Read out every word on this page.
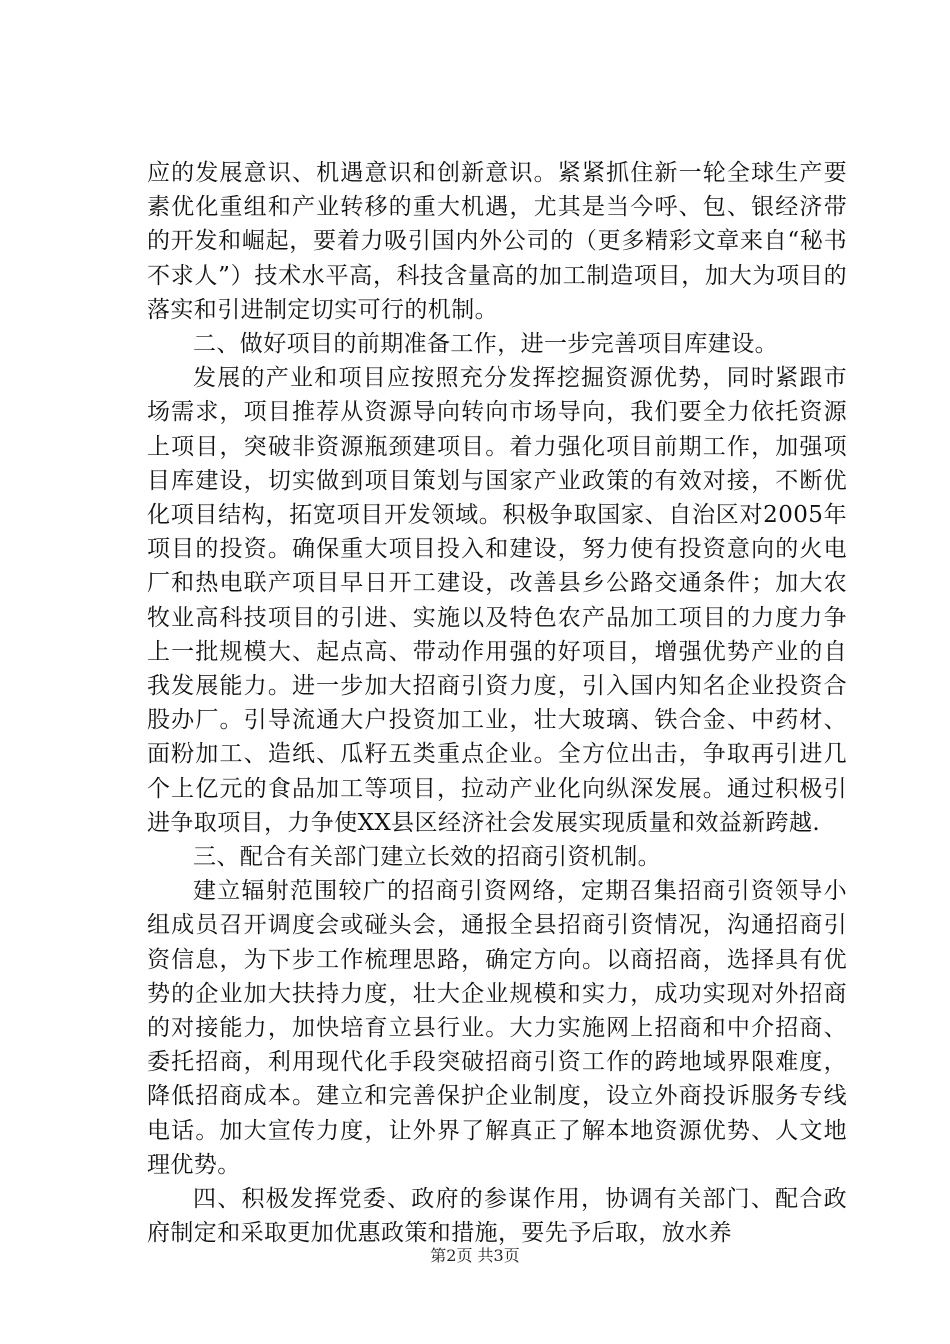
应的发展意识、机遇意识和创新意识。紧紧抓住新一轮全球生产要素优化重组和产业转移的重大机遇，尤其是当今呼、包、银经济带的开发和崛起，要着力吸引国内外公司的（更多精彩文章来自“秘书不求人”）技术水平高，科技含量高的加工制造项目，加大为项目的落实和引进制定切实可行的机制。

二、做好项目的前期准备工作，进一步完善项目库建设。

发展的产业和项目应按照充分发挥挖掘资源优势，同时紧跟市场需求，项目推荐从资源导向转向市场导向，我们要全力依托资源上项目，突破非资源瓶颈建项目。着力强化项目前期工作，加强项目库建设，切实做到项目策划与国家产业政策的有效对接，不断优化项目结构，拓宽项目开发领域。积极争取国家、自治区对2005年项目的投资。确保重大项目投入和建设，努力使有投资意向的火电厂和热电联产项目早日开工建设，改善县乡公路交通条件；加大农牧业高科技项目的引进、实施以及特色农产品加工项目的力度力争上一批规模大、起点高、带动作用强的好项目，增强优势产业的自我发展能力。进一步加大招商引资力度，引入国内知名企业投资合股办厂。引导流通大户投资加工业，壮大玻璃、铁合金、中药材、面粉加工、造纸、瓜籽五类重点企业。全方位出击，争取再引进几个上亿元的食品加工等项目，拉动产业化向纵深发展。通过积极引进争取项目，力争使XX县区经济社会发展实现质量和效益新跨越.

三、配合有关部门建立长效的招商引资机制。

建立辐射范围较广的招商引资网络，定期召集招商引资领导小组成员召开调度会或碰头会，通报全县招商引资情况，沟通招商引资信息，为下步工作梳理思路，确定方向。以商招商，选择具有优势的企业加大扶持力度，壮大企业规模和实力，成功实现对外招商的对接能力，加快培育立县行业。大力实施网上招商和中介招商、委托招商，利用现代化手段突破招商引资工作的跨地域界限难度，降低招商成本。建立和完善保护企业制度，设立外商投诉服务专线电话。加大宣传力度，让外界了解真正了解本地资源优势、人文地理优势。

四、积极发挥党委、政府的参谋作用，协调有关部门、配合政府制定和采取更加优惠政策和措施，要先予后取，放水养

第2页 共3页
